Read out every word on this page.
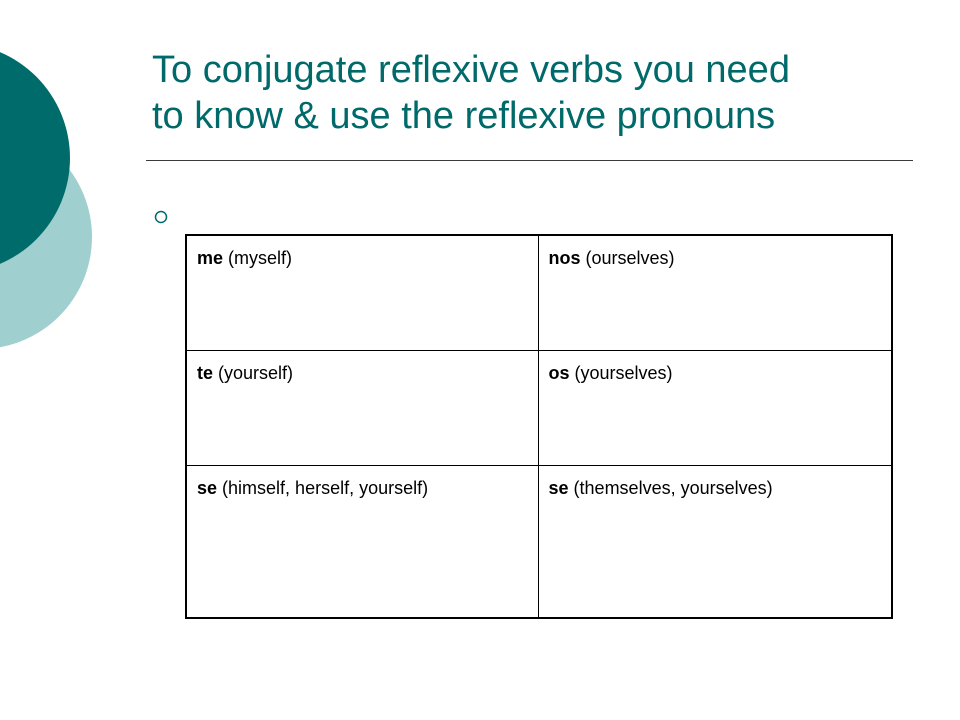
To conjugate reflexive verbs you need
to know & use the reflexive pronouns
me (myself)	nos (ourselves)
te (yourself)	os (yourselves)
se (himself, herself, yourself)	se (themselves, yourselves)
